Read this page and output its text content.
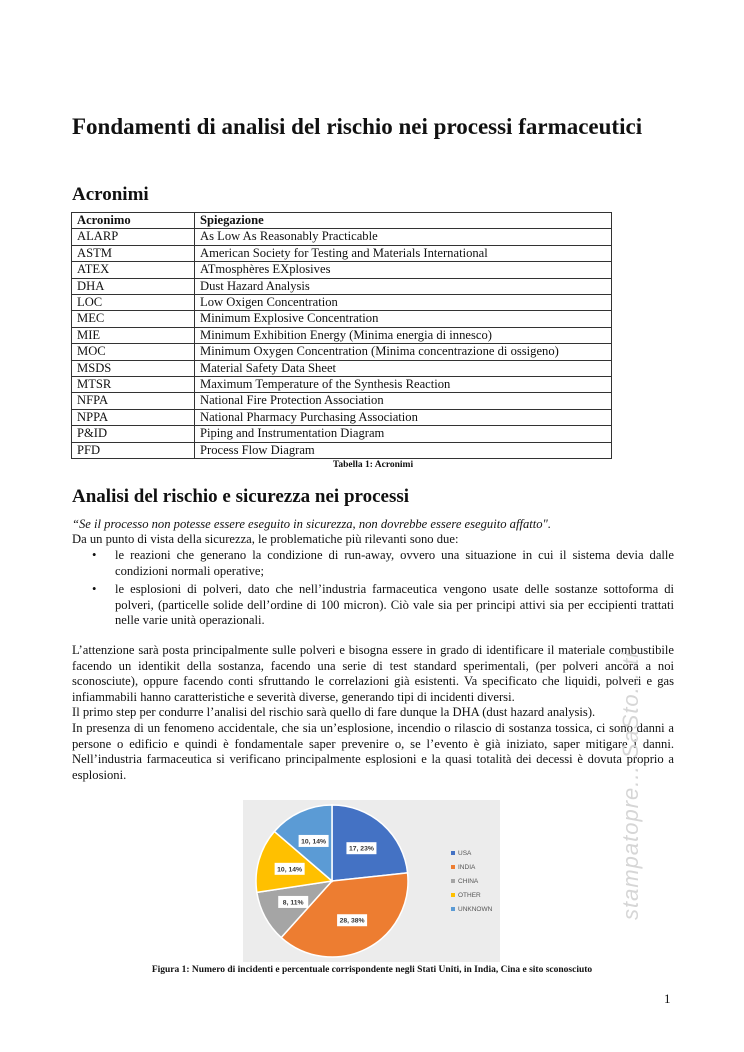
Fondamenti di analisi del rischio nei processi farmaceutici
Acronimi
Acronimo	Spiegazione
ALARP	As Low As Reasonably Practicable
ASTM	American Society for Testing and Materials International
ATEX	ATmosphères EXplosives
DHA	Dust Hazard Analysis
LOC	Low Oxigen Concentration
MEC	Minimum Explosive Concentration
MIE	Minimum Exhibition Energy (Minima energia di innesco)
MOC	Minimum Oxygen Concentration (Minima concentrazione di ossigeno)
MSDS	Material Safety Data Sheet
MTSR	Maximum Temperature of the Synthesis Reaction
NFPA	National Fire Protection Association
NPPA	National Pharmacy Purchasing Association
P&ID	Piping and Instrumentation Diagram
PFD	Process Flow Diagram
Tabella 1: Acronimi
Analisi del rischio e sicurezza nei processi
“Se il processo non potesse essere eseguito in sicurezza, non dovrebbe essere eseguito affatto".
Da un punto di vista della sicurezza, le problematiche più rilevanti sono due:
• le reazioni che generano la condizione di run-away, ovvero una situazione in cui il sistema devia dalle condizioni normali operative;
• le esplosioni di polveri, dato che nell’industria farmaceutica vengono usate delle sostanze sottoforma di polveri, (particelle solide dell’ordine di 100 micron). Ciò vale sia per principi attivi sia per eccipienti trattati nelle varie unità operazionali.

L’attenzione sarà posta principalmente sulle polveri e bisogna essere in grado di identificare il materiale combustibile facendo un identikit della sostanza, facendo una serie di test standard sperimentali, (per polveri ancora a noi sconosciute), oppure facendo conti sfruttando le correlazioni già esistenti. Va specificato che liquidi, polveri e gas infiammabili hanno caratteristiche e severità diverse, generando tipi di incidenti diversi.

Il primo step per condurre l’analisi del rischio sarà quello di fare dunque la DHA (dust hazard analysis).

In presenza di un fenomeno accidentale, che sia un’esplosione, incendio o rilascio di sostanza tossica, ci sono danni a persone o edificio e quindi è fondamentale saper prevenire o, se l’evento è già iniziato, saper mitigare i danni. Nell’industria farmaceutica si verificano principalmente esplosioni e la quasi totalità dei decessi è dovuta proprio a esplosioni.

17, 23%
28, 38%
8, 11%
10, 14%
10, 14%
USA
INDIA
CHINA
OTHER
UNKNOWN
Figura 1: Numero di incidenti e percentuale corrispondente negli Stati Uniti, in India, Cina e sito sconosciuto
stampatopre... SaSto... ti
1
